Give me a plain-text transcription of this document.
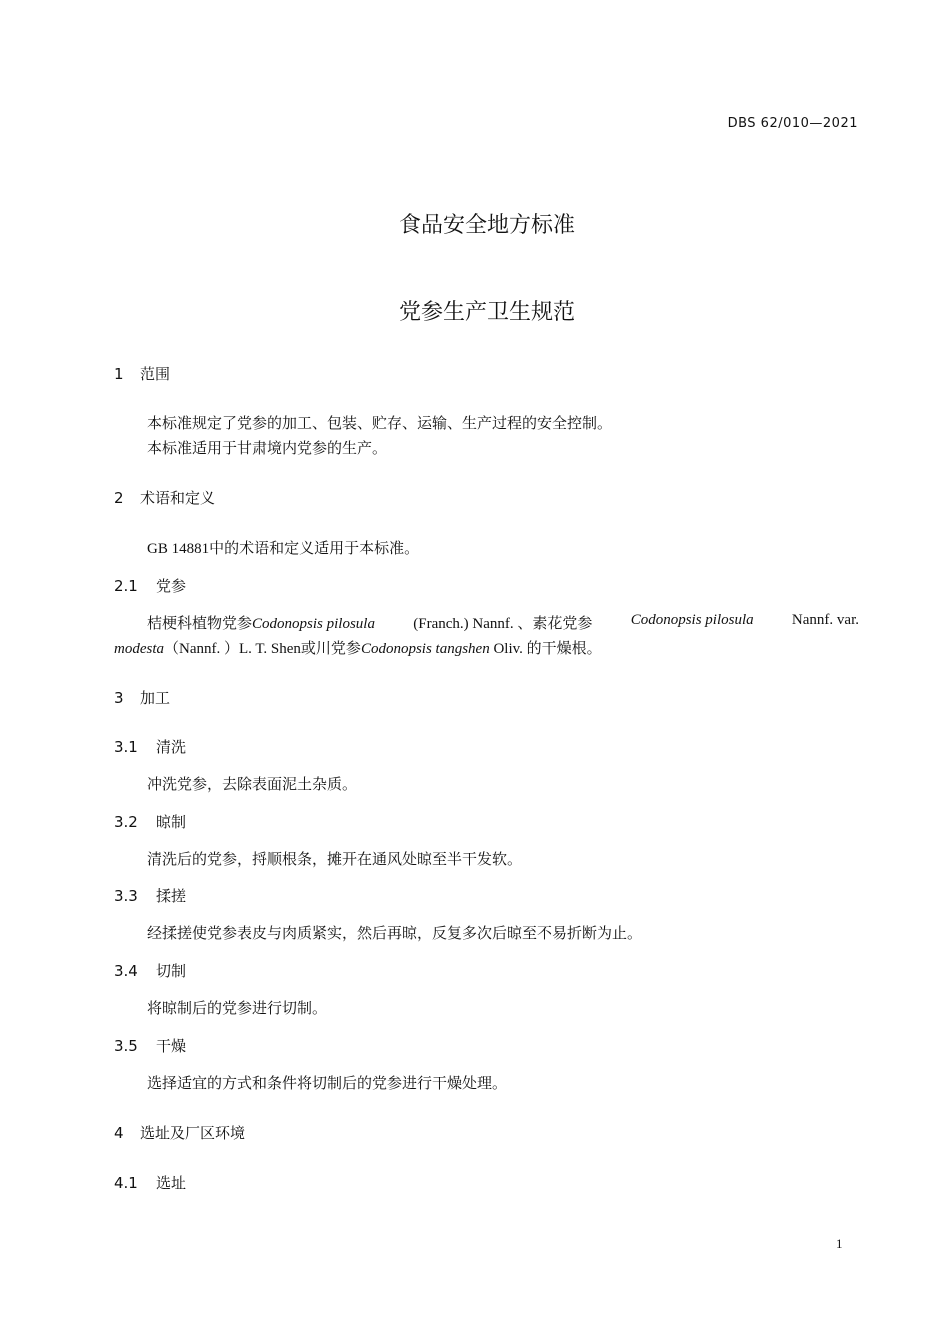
DBS 62/010—2021
食品安全地方标准
党参生产卫生规范
1 范围
本标准规定了党参的加工、包装、贮存、运输、生产过程的安全控制。
本标准适用于甘肃境内党参的生产。
2 术语和定义
GB 14881中的术语和定义适用于本标准。
2.1 党参
桔梗科植物党参Codonopsis pilosula	(Franch.) Nannf. 、素花党参	Codonopsis pilosula	Nannf. var.
modesta（Nannf. ）L. T. Shen或川党参Codonopsis tangshen Oliv. 的干燥根。
3 加工
3.1 清洗
冲洗党参，去除表面泥土杂质。
3.2 晾制
清洗后的党参，捋顺根条，摊开在通风处晾至半干发软。
3.3 揉搓
经揉搓使党参表皮与肉质紧实，然后再晾，反复多次后晾至不易折断为止。
3.4 切制
将晾制后的党参进行切制。
3.5 干燥
选择适宜的方式和条件将切制后的党参进行干燥处理。
4 选址及厂区环境
4.1 选址
1
